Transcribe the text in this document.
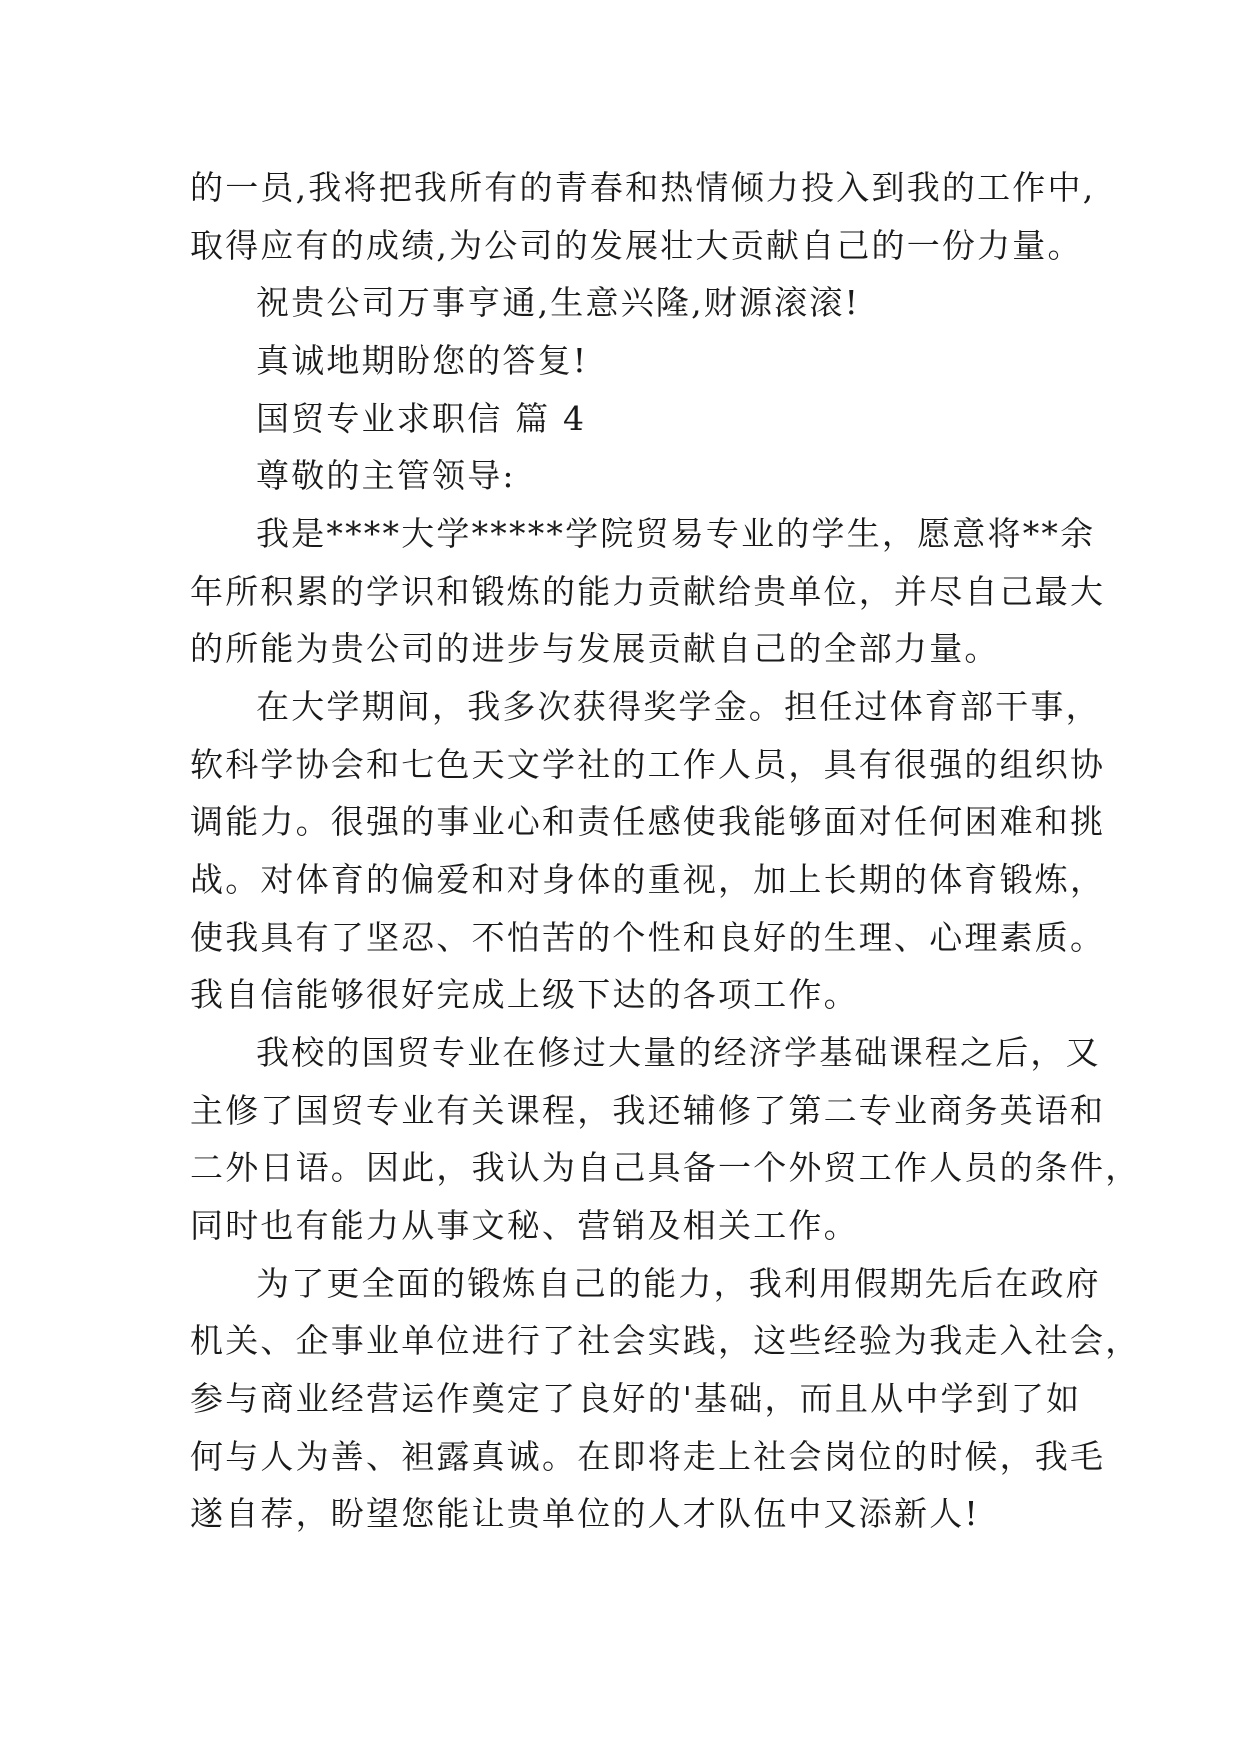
的一员,我将把我所有的青春和热情倾力投入到我的工作中,
取得应有的成绩,为公司的发展壮大贡献自己的一份力量。
祝贵公司万事亨通,生意兴隆,财源滚滚!
真诚地期盼您的答复!
国贸专业求职信 篇 4
尊敬的主管领导:
我是****大学*****学院贸易专业的学生，愿意将**余
年所积累的学识和锻炼的能力贡献给贵单位，并尽自己最大
的所能为贵公司的进步与发展贡献自己的全部力量。
在大学期间，我多次获得奖学金。担任过体育部干事，
软科学协会和七色天文学社的工作人员，具有很强的组织协
调能力。很强的事业心和责任感使我能够面对任何困难和挑
战。对体育的偏爱和对身体的重视，加上长期的体育锻炼，
使我具有了坚忍、不怕苦的个性和良好的生理、心理素质。
我自信能够很好完成上级下达的各项工作。
我校的国贸专业在修过大量的经济学基础课程之后，又
主修了国贸专业有关课程，我还辅修了第二专业商务英语和
二外日语。因此，我认为自己具备一个外贸工作人员的条件，
同时也有能力从事文秘、营销及相关工作。
为了更全面的锻炼自己的能力，我利用假期先后在政府
机关、企事业单位进行了社会实践，这些经验为我走入社会，
参与商业经营运作奠定了良好的'基础，而且从中学到了如
何与人为善、袒露真诚。在即将走上社会岗位的时候，我毛
遂自荐，盼望您能让贵单位的人才队伍中又添新人!
